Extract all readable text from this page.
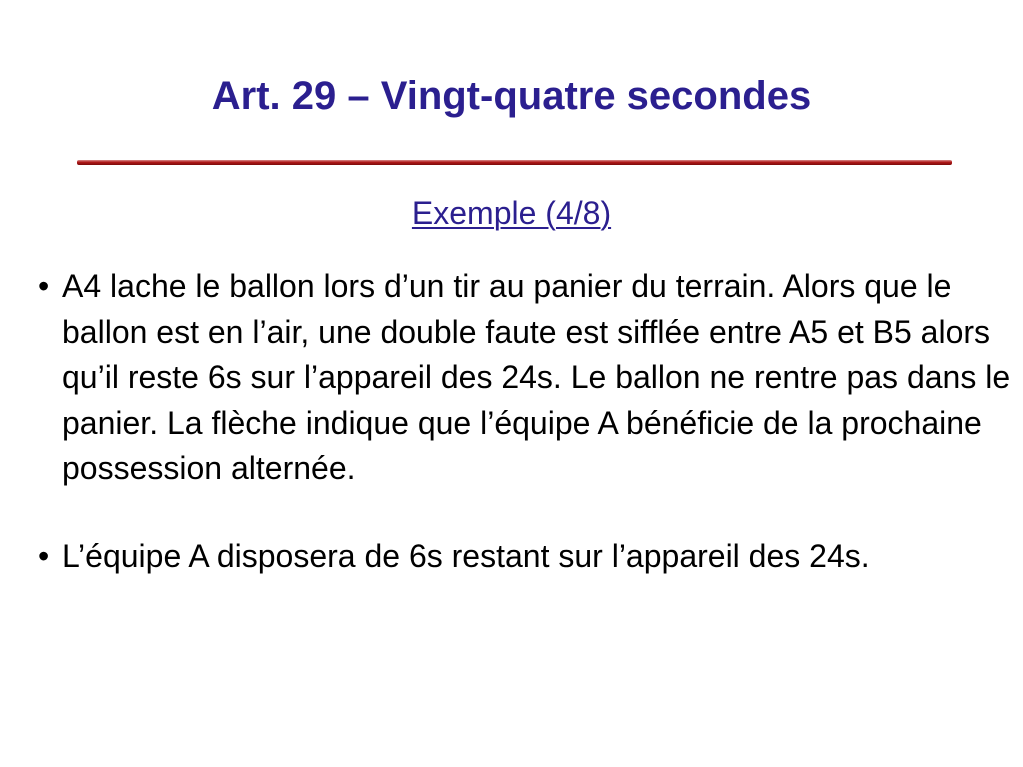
Art. 29 – Vingt-quatre secondes
Exemple (4/8)
• A4 lache le ballon lors d’un tir au panier du terrain. Alors que le ballon est en l’air, une double faute est sifflée entre A5 et B5 alors qu’il reste 6s sur l’appareil des 24s. Le ballon ne rentre pas dans le panier. La flèche indique que l’équipe A bénéficie de la prochaine possession alternée.
• L’équipe A disposera de 6s restant sur l’appareil des 24s.
